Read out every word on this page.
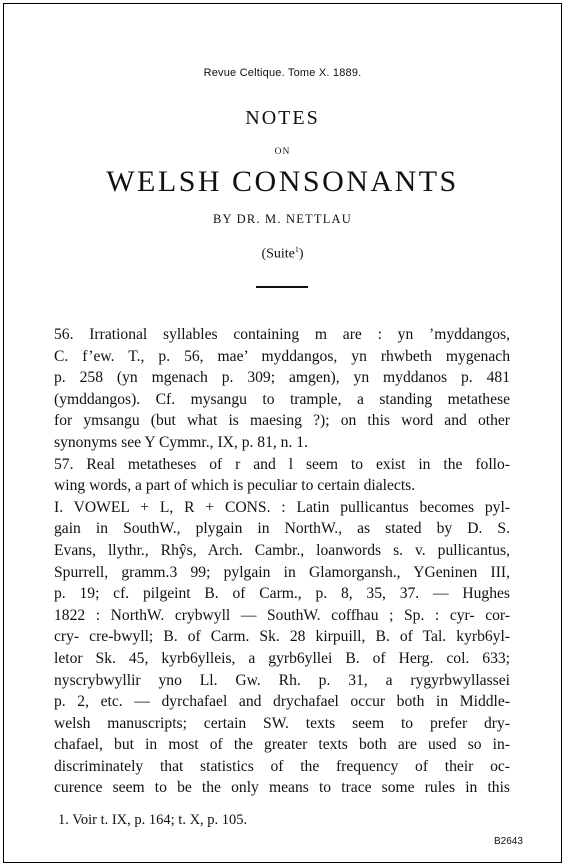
Revue Celtique. Tome X. 1889.
NOTES
ON
WELSH CONSONANTS
BY DR. M. NETTLAU
(Suite$^1$)
56. Irrational syllables containing m are : yn ’myddangos,
C. f’ew. T., p. 56, mae’ myddangos, yn rhwbeth mygenach
p. 258 (yn mgenach p. 309; amgen), yn myddanos p. 481
(ymddangos). Cf. mysangu to trample, a standing metathese
for ymsangu (but what is maesing ?); on this word and other
synonyms see Y Cymmr., IX, p. 81, n. 1.
57. Real metatheses of r and l seem to exist in the follo-
wing words, a part of which is peculiar to certain dialects.
I. VOWEL + L, R + CONS. : Latin pullicantus becomes pyl-
gain in SouthW., plygain in NorthW., as stated by D. S.
Evans, llythr., Rhŷs, Arch. Cambr., loanwords s. v. pullicantus,
Spurrell, gramm.3 99; pylgain in Glamorgansh., YGeninen III,
p. 19; cf. pilgeint B. of Carm., p. 8, 35, 37. — Hughes
1822 : NorthW. crybwyll — SouthW. coffhau ; Sp. : cyr- cor-
cry- cre-bwyll; B. of Carm. Sk. 28 kirpuill, B. of Tal. kyrb6yl-
letor Sk. 45, kyrb6ylleis, a gyrb6yllei B. of Herg. col. 633;
nyscrybwyllir yno Ll. Gw. Rh. p. 31, a rygyrbwyllassei
p. 2, etc. — dyrchafael and drychafael occur both in Middle-
welsh manuscripts; certain SW. texts seem to prefer dry-
chafael, but in most of the greater texts both are used so in-
discriminately that statistics of the frequency of their oc-
curence seem to be the only means to trace some rules in this
1. Voir t. IX, p. 164; t. X, p. 105.
B2643
